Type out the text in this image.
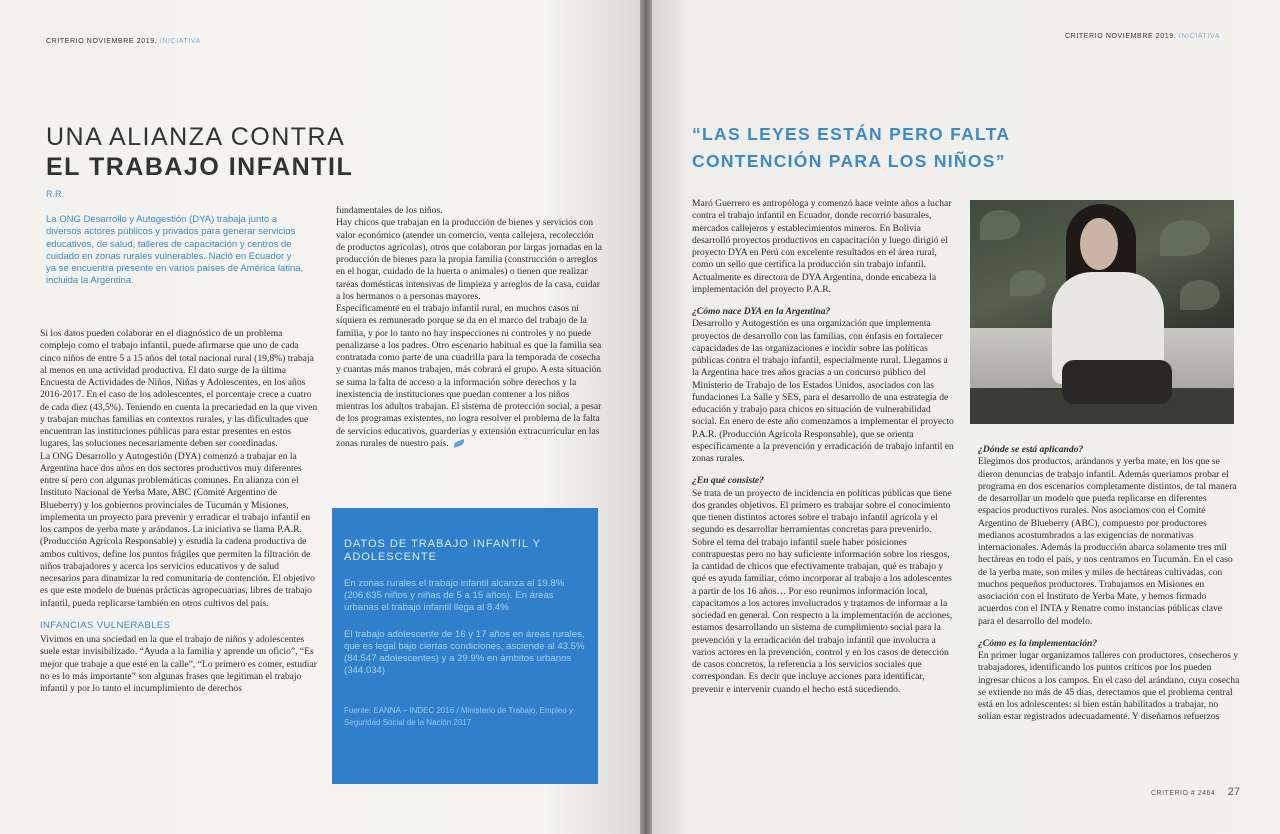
CRITERIO NOVIEMBRE 2019. INICIATIVA
UNA ALIANZA CONTRA
EL TRABAJO INFANTIL
R.R.
La ONG Desarrollo y Autogestión (DYA) trabaja junto a diversos actores públicos y privados para generar servicios educativos, de salud, talleres de capacitación y centros de cuidado en zonas rurales vulnerables. Nació en Ecuador y ya se encuentra presente en varios países de América latina, incluida la Argentina.

Si los datos pueden colaborar en el diagnóstico de un problema complejo como el trabajo infantil, puede afirmarse que uno de cada cinco niños de entre 5 a 15 años del total nacional rural (19,8%) trabaja al menos en una actividad productiva. El dato surge de la última Encuesta de Actividades de Niños, Niñas y Adolescentes, en los años 2016-2017. En el caso de los adolescentes, el porcentaje crece a cuatro de cada diez (43,5%). Teniendo en cuenta la precariedad en la que viven y trabajan muchas familias en contextos rurales, y las dificultades que encuentran las instituciones públicas para estar presentes en estos lugares, las soluciones necesariamente deben ser coordinadas.

La ONG Desarrollo y Autogestión (DYA) comenzó a trabajar en la Argentina hace dos años en dos sectores productivos muy diferentes entre sí pero con algunas problemáticas comunes. En alianza con el Instituto Nacional de Yerba Mate, ABC (Comité Argentino de Blueberry) y los gobiernos provinciales de Tucumán y Misiones, implementa un proyecto para prevenir y erradicar el trabajo infantil en los campos de yerba mate y arándanos. La iniciativa se llama P.A.R. (Producción Agrícola Responsable) y estudia la cadena productiva de ambos cultivos, define los puntos frágiles que permiten la filtración de niños trabajadores y acerca los servicios educativos y de salud necesarios para dinamizar la red comunitaria de contención. El objetivo es que este modelo de buenas prácticas agropecuarias, libres de trabajo infantil, pueda replicarse también en otros cultivos del país.

INFANCIAS VULNERABLES

Vivimos en una sociedad en la que el trabajo de niños y adolescentes suele estar invisibilizado. “Ayuda a la familia y aprende un oficio”, “Es mejor que trabaje a que esté en la calle”, “Lo primero es comer, estudiar no es lo más importante” son algunas frases que legitiman el trabajo infantil y por lo tanto el incumplimiento de derechos

fundamentales de los niños.

Hay chicos que trabajan en la producción de bienes y servicios con valor económico (atender un comercio, venta callejera, recolección de productos agrícolas), otros que colaboran por largas jornadas en la producción de bienes para la propia familia (construcción o arreglos en el hogar, cuidado de la huerta o animales) o tienen que realizar tareas domésticas intensivas de limpieza y arreglos de la casa, cuidar a los hermanos o a personas mayores.

Específicamente en el trabajo infantil rural, en muchos casos ni siquiera es remunerado porque se da en el marco del trabajo de la familia, y por lo tanto no hay inspecciones ni controles y no puede penalizarse a los padres. Otro escenario habitual es que la familia sea contratada como parte de una cuadrilla para la temporada de cosecha y cuantas más manos trabajen, más cobrará el grupo. A esta situación se suma la falta de acceso a la información sobre derechos y la inexistencia de instituciones que puedan contener a los niños mientras los adultos trabajan. El sistema de protección social, a pesar de los programas existentes, no logra resolver el problema de la falta de servicios educativos, guarderías y extensión extracurricular en las zonas rurales de nuestro país.

DATOS DE TRABAJO INFANTIL Y ADOLESCENTE

En zonas rurales el trabajo infantil alcanza al 19.8% (206.635 niños y niñas de 5 a 15 años). En áreas urbanas el trabajo infantil llega al 8.4%

El trabajo adolescente de 16 y 17 años en áreas rurales, que es legal bajo ciertas condiciones, asciende al 43.5% (84.547 adolescentes) y a 29.9% en ámbitos urbanos (344.034)

Fuente: EANNA – INDEC 2016 / Ministerio de Trabajo, Empleo y Seguridad Social de la Nación 2017

CRITERIO NOVIEMBRE 2019. INICIATIVA
CRITERIO # 2464 27
“LAS LEYES ESTÁN PERO FALTA
CONTENCIÓN PARA LOS NIÑOS”

Maró Guerrero es antropóloga y comenzó hace veinte años a luchar contra el trabajo infantil en Ecuador, donde recorrió basurales, mercados callejeros y establecimientos mineros. En Bolivia desarrolló proyectos productivos en capacitación y luego dirigió el proyecto DYA en Perú con excelente resultados en el área rural, como un sello que certifica la producción sin trabajo infantil. Actualmente es directora de DYA Argentina, donde encabeza la implementación del proyecto P.A.R.

¿Cómo nace DYA en la Argentina?

Desarrollo y Autogestión es una organización que implementa proyectos de desarrollo con las familias, con énfasis en fortalecer capacidades de las organizaciones e incidir sobre las políticas públicas contra el trabajo infantil, especialmente rural. Llegamos a la Argentina hace tres años gracias a un concurso público del Ministerio de Trabajo de los Estados Unidos, asociados con las fundaciones La Salle y SES, para el desarrollo de una estrategia de educación y trabajo para chicos en situación de vulnerabilidad social. En enero de este año comenzamos a implementar el proyecto P.A.R. (Producción Agrícola Responsable), que se orienta específicamente a la prevención y erradicación de trabajo infantil en zonas rurales.

¿En qué consiste?

Se trata de un proyecto de incidencia en políticas públicas que tiene dos grandes objetivos. El primero es trabajar sobre el conocimiento que tienen distintos actores sobre el trabajo infantil agrícola y el segundo es desarrollar herramientas concretas para prevenirlo. Sobre el tema del trabajo infantil suele haber posiciones contrapuestas pero no hay suficiente información sobre los riesgos, la cantidad de chicos que efectivamente trabajan, qué es trabajo y qué es ayuda familiar, cómo incorporar al trabajo a los adolescentes a partir de los 16 años… Por eso reunimos información local, capacitamos a los actores involucrados y tratamos de informar a la sociedad en general. Con respecto a la implementación de acciones, estamos desarrollando un sistema de cumplimiento social para la prevención y la erradicación del trabajo infantil que involucra a varios actores en la prevención, control y en los casos de detección de casos concretos, la referencia a los servicios sociales que correspondan. Es decir que incluye acciones para identificar, prevenir e intervenir cuando el hecho está sucediendo.

¿Dónde se está aplicando?

Elegimos dos productos, arándanos y yerba mate, en los que se dieron denuncias de trabajo infantil. Además queríamos probar el programa en dos escenarios completamente distintos, de tal manera de desarrollar un modelo que pueda replicarse en diferentes espacios productivos rurales. Nos asociamos con el Comité Argentino de Blueberry (ABC), compuesto por productores medianos acostumbrados a las exigencias de normativas internacionales. Además la producción abarca solamente tres mil hectáreas en todo el país, y nos centramos en Tucumán. En el caso de la yerba mate, son miles y miles de hectáreas cultivadas, con muchos pequeños productores. Trabajamos en Misiones en asociación con el Instituto de Yerba Mate, y hemos firmado acuerdos con el INTA y Renatre como instancias públicas clave para el desarrollo del modelo.

¿Cómo es la implementación?

En primer lugar organizamos talleres con productores, cosecheros y trabajadores, identificando los puntos críticos por los pueden ingresar chicos a los campos. En el caso del arándano, cuya cosecha se extiende no más de 45 días, detectamos que el problema central está en los adolescentes: si bien están habilitados a trabajar, no solían estar registrados adecuadamente. Y diseñamos refuerzos
